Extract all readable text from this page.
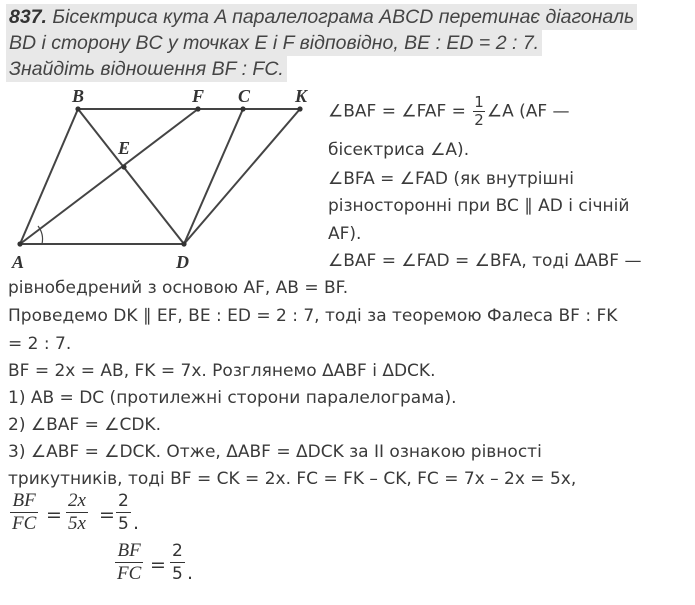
837. Бісектриса кута A паралелограма ABCD перетинає діагональ
BD і сторону BC у точках E і F відповідно, BE : ED = 2 : 7.
Знайдіть відношення BF : FC.
B	F C K
E
A	D
∠BAF = ∠FAF = $\frac{1}{2}$ ∠A (AF —
бісектриса ∠A).
∠BFA = ∠FAD (як внутрішні
різносторонні при BC ∥ AD і січній
AF).
∠BAF = ∠FAD = ∠BFA, тоді ΔABF —
рівнобедрений з основою AF, AB = BF.
Проведемо DK ∥ EF, BE : ED = 2 : 7, тоді за теоремою Фалеса BF : FK
= 2 : 7.
BF = 2x = AB, FK = 7x. Розглянемо ΔABF і ΔDCK.
1) AB = DC (протилежні сторони паралелограма).
2) ∠BAF = ∠CDK.
3) ∠ABF = ∠DCK. Отже, ΔABF = ΔDCK за II ознакою рівності
трикутників, тоді BF = CK = 2x. FC = FK – CK, FC = 7x – 2x = 5x,
$\frac{BF}{FC} = \frac{2x}{5x} = \frac{2}{5}$ .
$\frac{BF}{FC} = \frac{2}{5}$ .
